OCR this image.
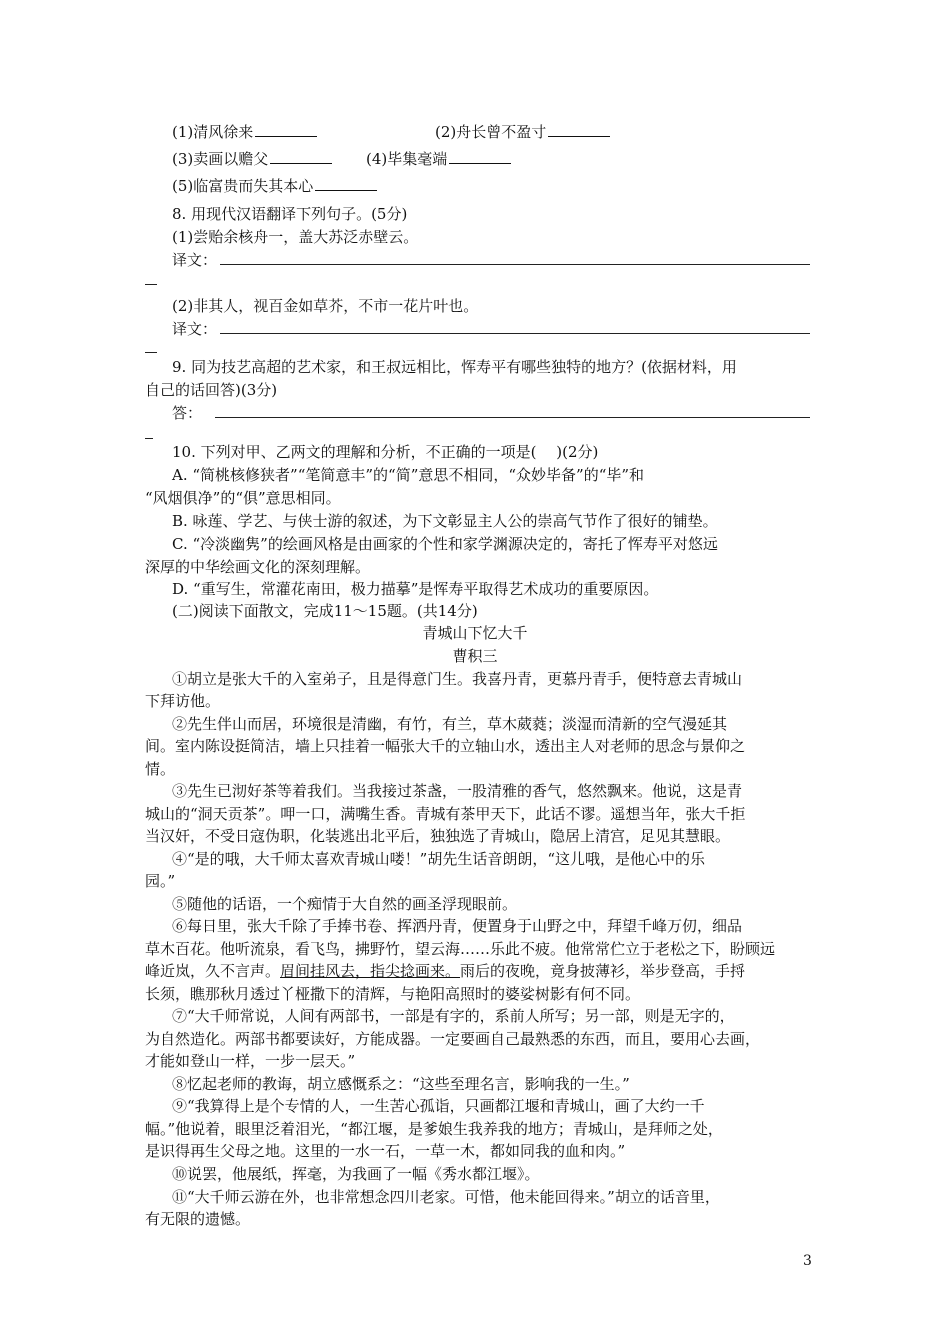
(1)清风徐来	(2)舟长曾不盈寸
(3)卖画以赡父	(4)毕集毫端
(5)临富贵而失其本心
8. 用现代汉语翻译下列句子。(5分)
(1)尝贻余核舟一，盖大苏泛赤壁云。
译文：
(2)非其人，视百金如草芥，不市一花片叶也。
译文：
9. 同为技艺高超的艺术家，和王叔远相比，恽寿平有哪些独特的地方？(依据材料，用
自己的话回答)(3分)
答：
10. 下列对甲、乙两文的理解和分析，不正确的一项是(　 )(2分)
A. “简桃核修狭者”“笔简意丰”的“简”意思不相同，“众妙毕备”的“毕”和
“风烟俱净”的“俱”意思相同。
B. 咏莲、学艺、与侠士游的叙述，为下文彰显主人公的崇高气节作了很好的铺垫。
C. “冷淡幽隽”的绘画风格是由画家的个性和家学渊源决定的，寄托了恽寿平对悠远
深厚的中华绘画文化的深刻理解。
D. “重写生，常灌花南田，极力描摹”是恽寿平取得艺术成功的重要原因。
(二)阅读下面散文，完成11～15题。(共14分)
青城山下忆大千
曹积三
①胡立是张大千的入室弟子，且是得意门生。我喜丹青，更慕丹青手，便特意去青城山
下拜访他。
②先生伴山而居，环境很是清幽，有竹，有兰，草木葳蕤；淡湿而清新的空气漫延其
间。室内陈设挺简洁，墙上只挂着一幅张大千的立轴山水，透出主人对老师的思念与景仰之
情。
③先生已沏好茶等着我们。当我接过茶盏，一股清雅的香气，悠然飘来。他说，这是青
城山的“洞天贡茶”。呷一口，满嘴生香。青城有茶甲天下，此话不谬。遥想当年，张大千拒
当汉奸，不受日寇伪职，化装逃出北平后，独独选了青城山，隐居上清宫，足见其慧眼。
④“是的哦，大千师太喜欢青城山喽！”胡先生话音朗朗，“这儿哦，是他心中的乐
园。”
⑤随他的话语，一个痴情于大自然的画圣浮现眼前。
⑥每日里，张大千除了手捧书卷、挥洒丹青，便置身于山野之中，拜望千峰万仞，细品
草木百花。他听流泉，看飞鸟，拂野竹，望云海……乐此不疲。他常常伫立于老松之下，盼顾远
峰近岚，久不言声。眉间挂风去，指尖捻画来。雨后的夜晚，竟身披薄衫，举步登高，手捋
长须，瞧那秋月透过丫桠撒下的清辉，与艳阳高照时的婆娑树影有何不同。
⑦“大千师常说，人间有两部书，一部是有字的，系前人所写；另一部，则是无字的，
为自然造化。两部书都要读好，方能成器。一定要画自己最熟悉的东西，而且，要用心去画，
才能如登山一样，一步一层天。”
⑧忆起老师的教诲，胡立感慨系之：“这些至理名言，影响我的一生。”
⑨“我算得上是个专情的人，一生苦心孤诣，只画都江堰和青城山，画了大约一千
幅。”他说着，眼里泛着泪光，“都江堰，是爹娘生我养我的地方；青城山，是拜师之处，
是识得再生父母之地。这里的一水一石，一草一木，都如同我的血和肉。”
⑩说罢，他展纸，挥毫，为我画了一幅《秀水都江堰》。
⑪“大千师云游在外，也非常想念四川老家。可惜，他未能回得来。”胡立的话音里，
有无限的遗憾。
3
